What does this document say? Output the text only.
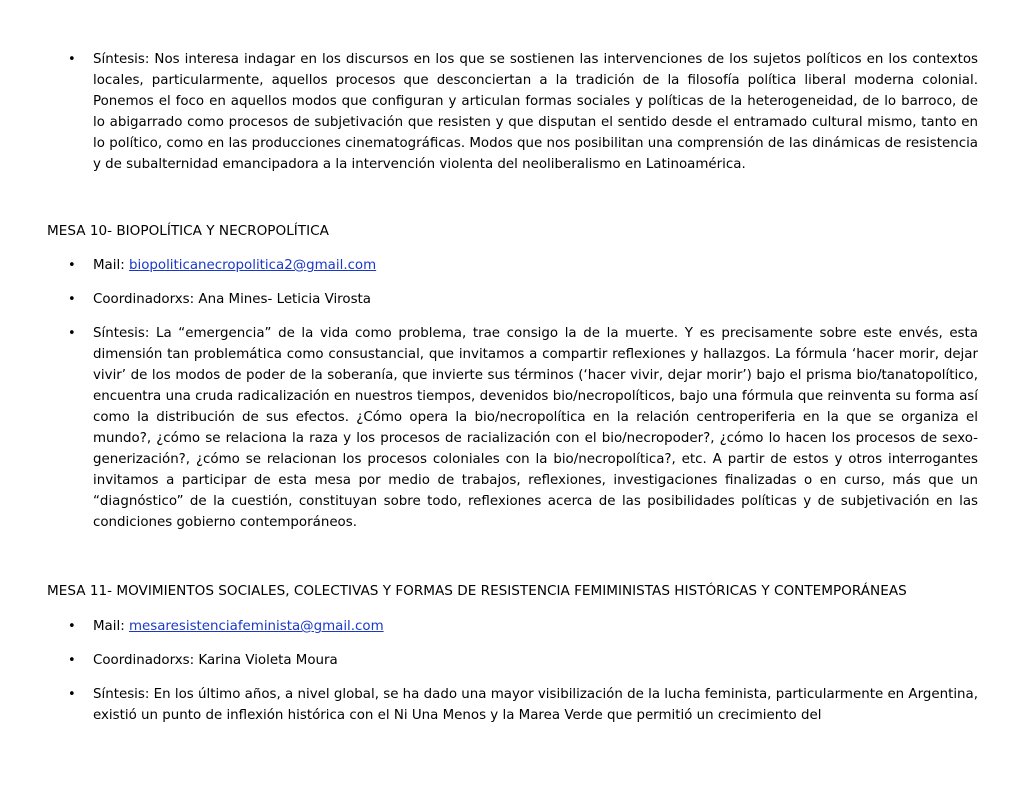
•	Síntesis: Nos interesa indagar en los discursos en los que se sostienen las intervenciones de los sujetos políticos en los contextos locales, particularmente, aquellos procesos que desconciertan a la tradición de la filosofía política liberal moderna colonial. Ponemos el foco en aquellos modos que configuran y articulan formas sociales y políticas de la heterogeneidad, de lo barroco, de lo abigarrado como procesos de subjetivación que resisten y que disputan el sentido desde el entramado cultural mismo, tanto en lo político, como en las producciones cinematográficas. Modos que nos posibilitan una comprensión de las dinámicas de resistencia y de subalternidad emancipadora a la intervención violenta del neoliberalismo en Latinoamérica.
MESA 10- BIOPOLÍTICA Y NECROPOLÍTICA
•	Mail: biopoliticanecropolitica2@gmail.com
•	Coordinadorxs: Ana Mines- Leticia Virosta
•	Síntesis: La “emergencia” de la vida como problema, trae consigo la de la muerte. Y es precisamente sobre este envés, esta dimensión tan problemática como consustancial, que invitamos a compartir reflexiones y hallazgos. La fórmula ‘hacer morir, dejar vivir’ de los modos de poder de la soberanía, que invierte sus términos (‘hacer vivir, dejar morir’) bajo el prisma bio/tanatopolítico, encuentra una cruda radicalización en nuestros tiempos, devenidos bio/necropolíticos, bajo una fórmula que reinventa su forma así como la distribución de sus efectos. ¿Cómo opera la bio/necropolítica en la relación centroperiferia en la que se organiza el mundo?, ¿cómo se relaciona la raza y los procesos de racialización con el bio/necropoder?, ¿cómo lo hacen los procesos de sexo-generización?, ¿cómo se relacionan los procesos coloniales con la bio/necropolítica?, etc. A partir de estos y otros interrogantes invitamos a participar de esta mesa por medio de trabajos, reflexiones, investigaciones finalizadas o en curso, más que un “diagnóstico” de la cuestión, constituyan sobre todo, reflexiones acerca de las posibilidades políticas y de subjetivación en las condiciones gobierno contemporáneos.
MESA 11- MOVIMIENTOS SOCIALES, COLECTIVAS Y FORMAS DE RESISTENCIA FEMIMINISTAS HISTÓRICAS Y CONTEMPORÁNEAS
•	Mail: mesaresistenciafeminista@gmail.com
•	Coordinadorxs: Karina Violeta Moura
•	Síntesis: En los último años, a nivel global, se ha dado una mayor visibilización de la lucha feminista, particularmente en Argentina, existió un punto de inflexión histórica con el Ni Una Menos y la Marea Verde que permitió un crecimiento del
